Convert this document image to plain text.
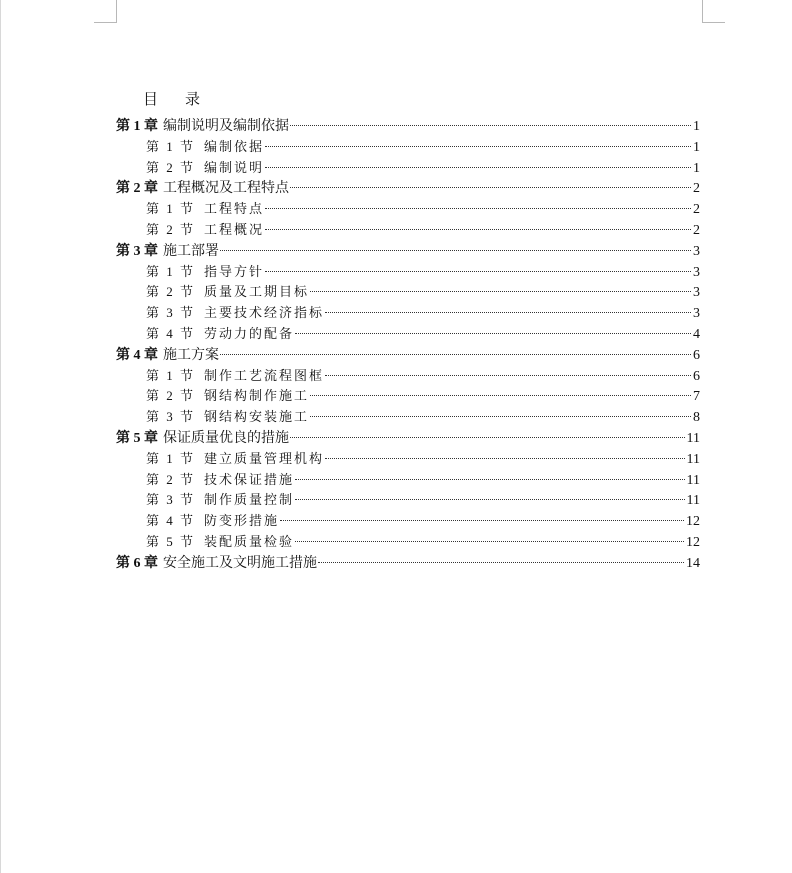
目 录
第 1 章 编制说明及编制依据	1
第 1 节 编制依据	1
第 2 节 编制说明	1
第 2 章 工程概况及工程特点	2
第 1 节 工程特点	2
第 2 节 工程概况	2
第 3 章 施工部署	3
第 1 节 指导方针	3
第 2 节 质量及工期目标	3
第 3 节 主要技术经济指标	3
第 4 节 劳动力的配备	4
第 4 章 施工方案	6
第 1 节 制作工艺流程图框	6
第 2 节 钢结构制作施工	7
第 3 节 钢结构安装施工	8
第 5 章 保证质量优良的措施	11
第 1 节 建立质量管理机构	11
第 2 节 技术保证措施	11
第 3 节 制作质量控制	11
第 4 节 防变形措施	12
第 5 节 装配质量检验	12
第 6 章 安全施工及文明施工措施	14
